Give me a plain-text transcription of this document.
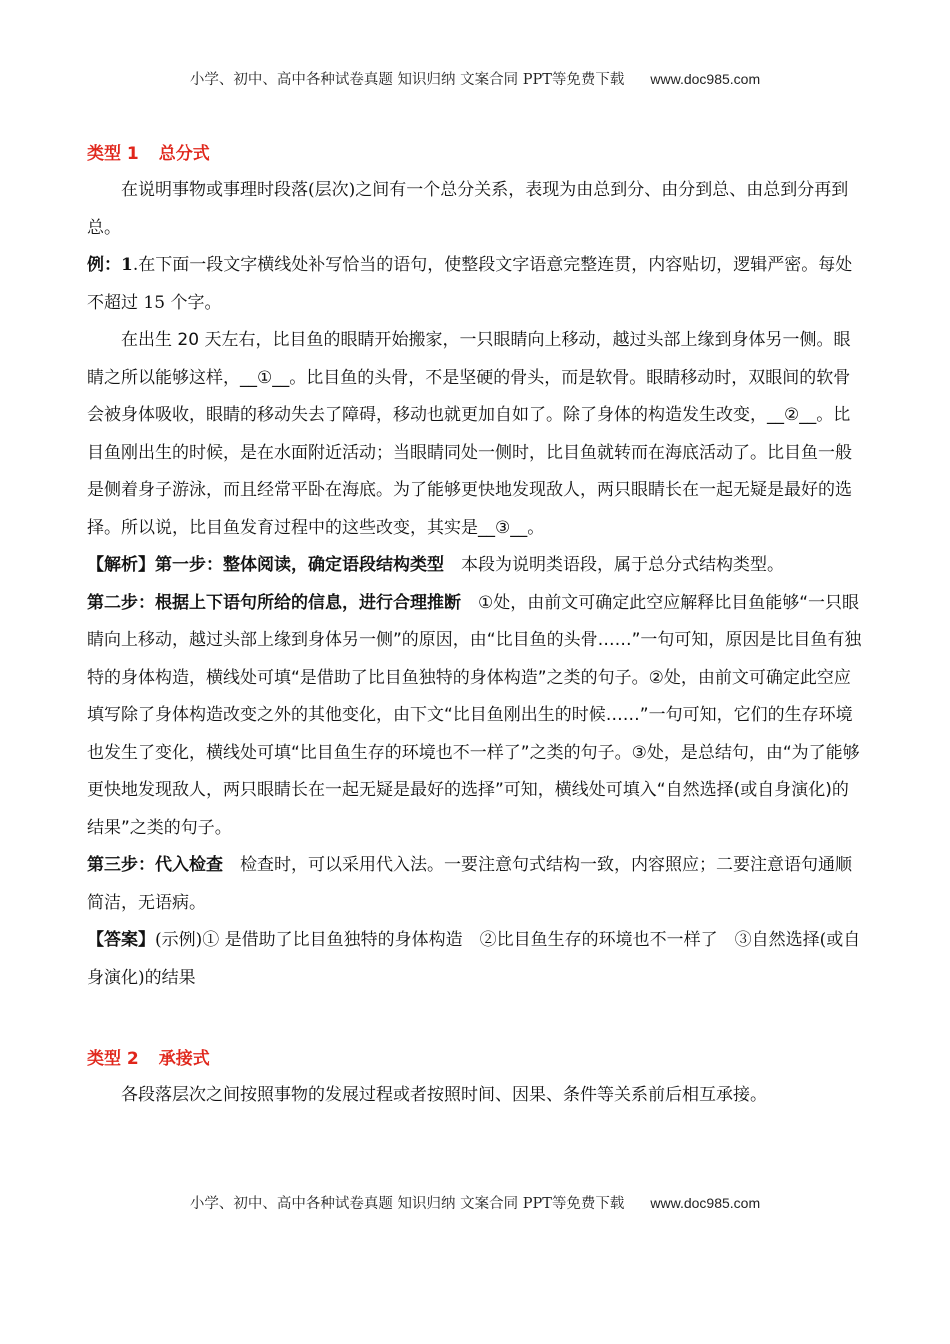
小学、初中、高中各种试卷真题 知识归纳 文案合同 PPT等免费下载 www.doc985.com

类型 1 总分式

在说明事物或事理时段落(层次)之间有一个总分关系，表现为由总到分、由分到总、由总到分再到总。

例：1.在下面一段文字横线处补写恰当的语句，使整段文字语意完整连贯，内容贴切，逻辑严密。每处不超过 15 个字。

在出生 20 天左右，比目鱼的眼睛开始搬家，一只眼睛向上移动，越过头部上缘到身体另一侧。眼睛之所以能够这样，__①__。比目鱼的头骨，不是坚硬的骨头，而是软骨。眼睛移动时，双眼间的软骨会被身体吸收，眼睛的移动失去了障碍，移动也就更加自如了。除了身体的构造发生改变，__②__。比目鱼刚出生的时候，是在水面附近活动；当眼睛同处一侧时，比目鱼就转而在海底活动了。比目鱼一般是侧着身子游泳，而且经常平卧在海底。为了能够更快地发现敌人，两只眼睛长在一起无疑是最好的选择。所以说，比目鱼发育过程中的这些改变，其实是__③__。

【解析】第一步：整体阅读，确定语段结构类型　 本段为说明类语段，属于总分式结构类型。

第二步：根据上下语句所给的信息，进行合理推断　 ①处，由前文可确定此空应解释比目鱼能够“一只眼睛向上移动，越过头部上缘到身体另一侧”的原因，由“比目鱼的头骨……”一句可知，原因是比目鱼有独特的身体构造，横线处可填“是借助了比目鱼独特的身体构造”之类的句子。②处，由前文可确定此空应填写除了身体构造改变之外的其他变化，由下文“比目鱼刚出生的时候……”一句可知，它们的生存环境也发生了变化，横线处可填“比目鱼生存的环境也不一样了”之类的句子。③处，是总结句，由“为了能够更快地发现敌人，两只眼睛长在一起无疑是最好的选择”可知，横线处可填入“自然选择(或自身演化)的结果”之类的句子。

第三步：代入检查　 检查时，可以采用代入法。一要注意句式结构一致，内容照应；二要注意语句通顺简洁，无语病。

【答案】(示例)① 是借助了比目鱼独特的身体构造　②比目鱼生存的环境也不一样了　③自然选择(或自身演化)的结果

类型 2 承接式

各段落层次之间按照事物的发展过程或者按照时间、因果、条件等关系前后相互承接。

小学、初中、高中各种试卷真题 知识归纳 文案合同 PPT等免费下载 www.doc985.com
